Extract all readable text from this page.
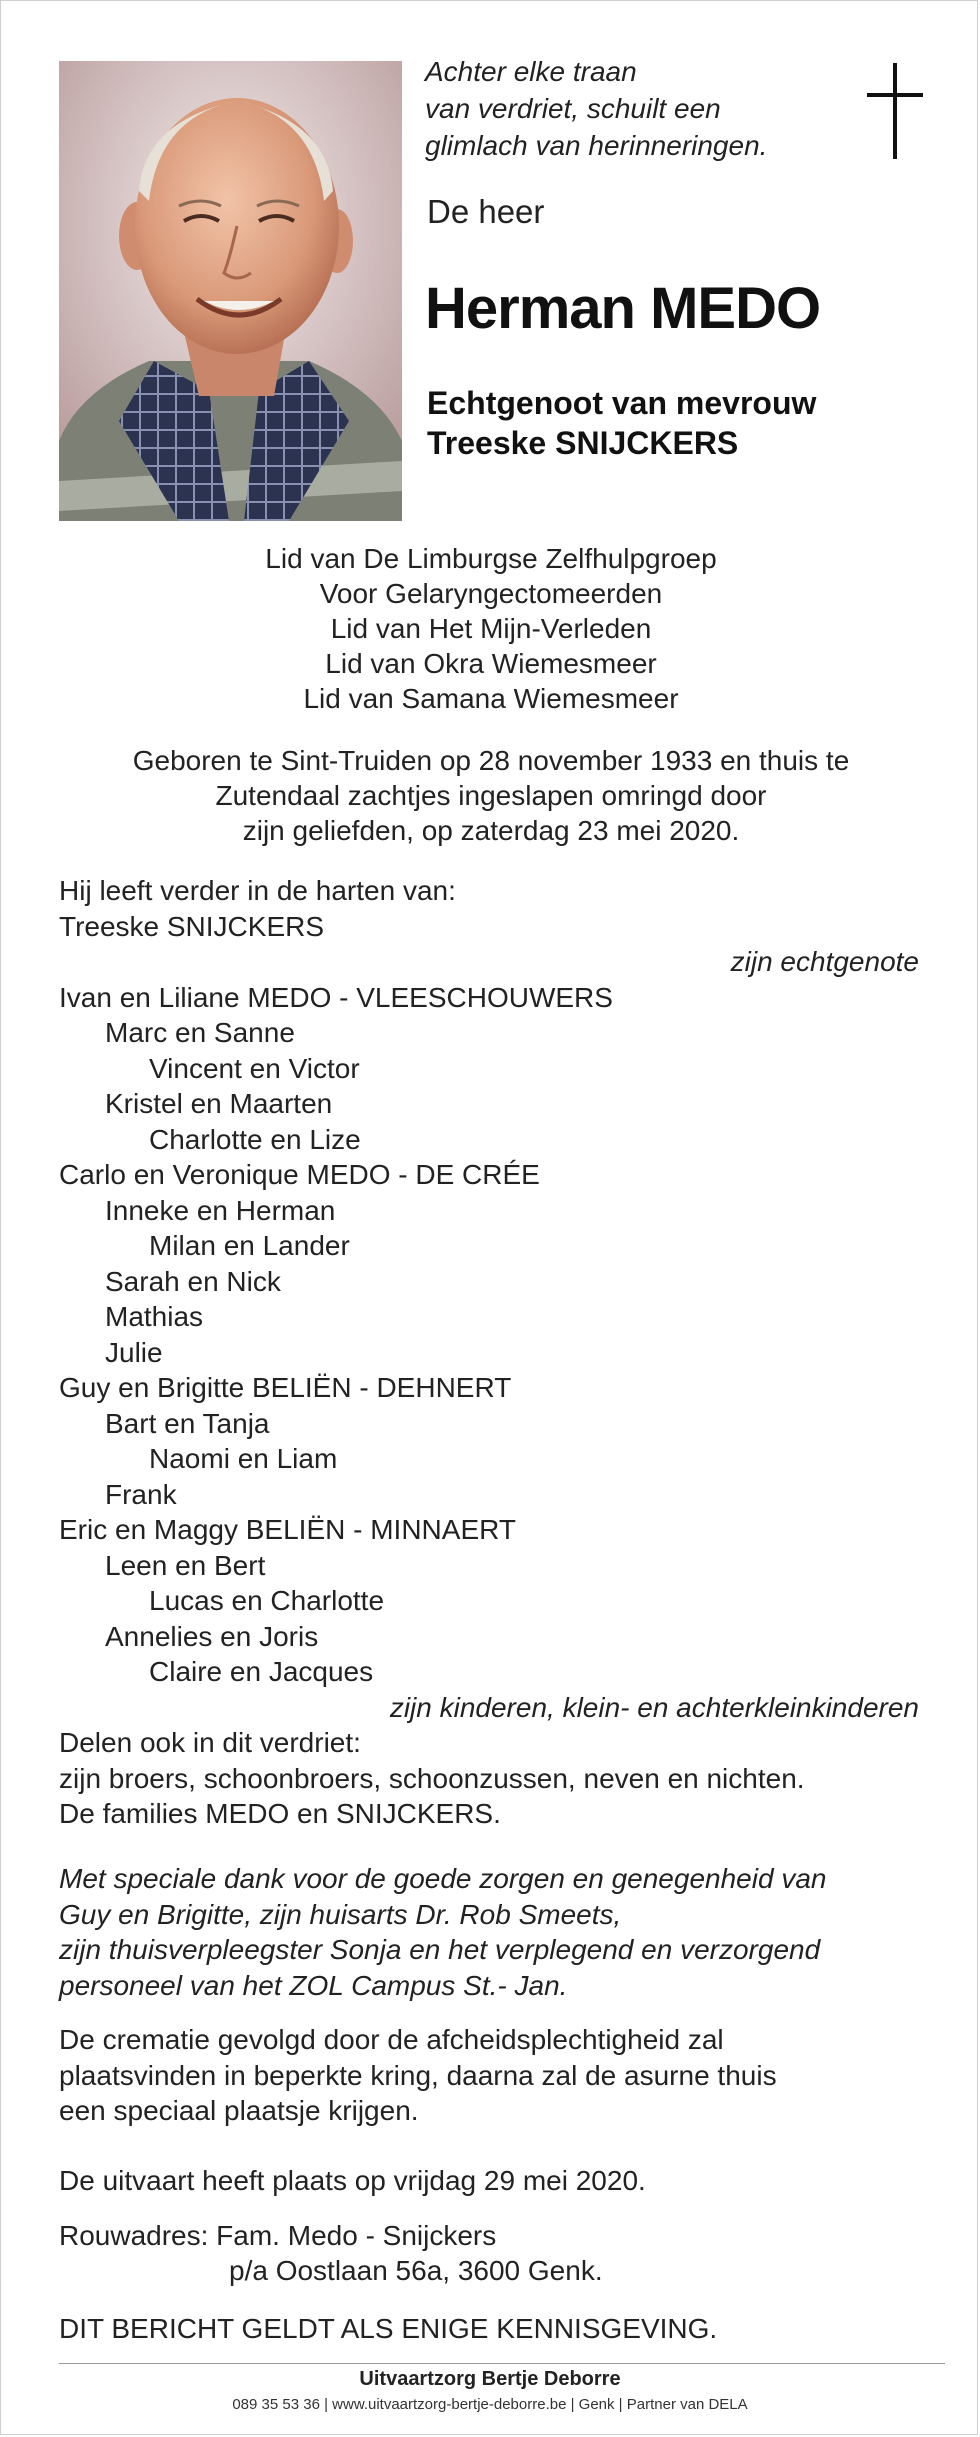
Achter elke traan
van verdriet, schuilt een
glimlach van herinneringen.
De heer
Herman MEDO
Echtgenoot van mevrouw
Treeske SNIJCKERS
Lid van De Limburgse Zelfhulpgroep
Voor Gelaryngectomeerden
Lid van Het Mijn-Verleden
Lid van Okra Wiemesmeer
Lid van Samana Wiemesmeer
Geboren te Sint-Truiden op 28 november 1933 en thuis te
Zutendaal zachtjes ingeslapen omringd door
zijn geliefden, op zaterdag 23 mei 2020.
Hij leeft verder in de harten van:
Treeske SNIJCKERS
zijn echtgenote
Ivan en Liliane MEDO - VLEESCHOUWERS
Marc en Sanne
Vincent en Victor
Kristel en Maarten
Charlotte en Lize
Carlo en Veronique MEDO - DE CRÉE
Inneke en Herman
Milan en Lander
Sarah en Nick
Mathias
Julie
Guy en Brigitte BELIËN - DEHNERT
Bart en Tanja
Naomi en Liam
Frank
Eric en Maggy BELIËN - MINNAERT
Leen en Bert
Lucas en Charlotte
Annelies en Joris
Claire en Jacques
zijn kinderen, klein- en achterkleinkinderen
Delen ook in dit verdriet:
zijn broers, schoonbroers, schoonzussen, neven en nichten.
De families MEDO en SNIJCKERS.
Met speciale dank voor de goede zorgen en genegenheid van
Guy en Brigitte, zijn huisarts Dr. Rob Smeets,
zijn thuisverpleegster Sonja en het verplegend en verzorgend
personeel van het ZOL Campus St.- Jan.
De crematie gevolgd door de afcheidsplechtigheid zal
plaatsvinden in beperkte kring, daarna zal de asurne thuis
een speciaal plaatsje krijgen.
De uitvaart heeft plaats op vrijdag 29 mei 2020.
Rouwadres: Fam. Medo - Snijckers
p/a Oostlaan 56a, 3600 Genk.
DIT BERICHT GELDT ALS ENIGE KENNISGEVING.
Uitvaartzorg Bertje Deborre
089 35 53 36 | www.uitvaartzorg-bertje-deborre.be | Genk | Partner van DELA
